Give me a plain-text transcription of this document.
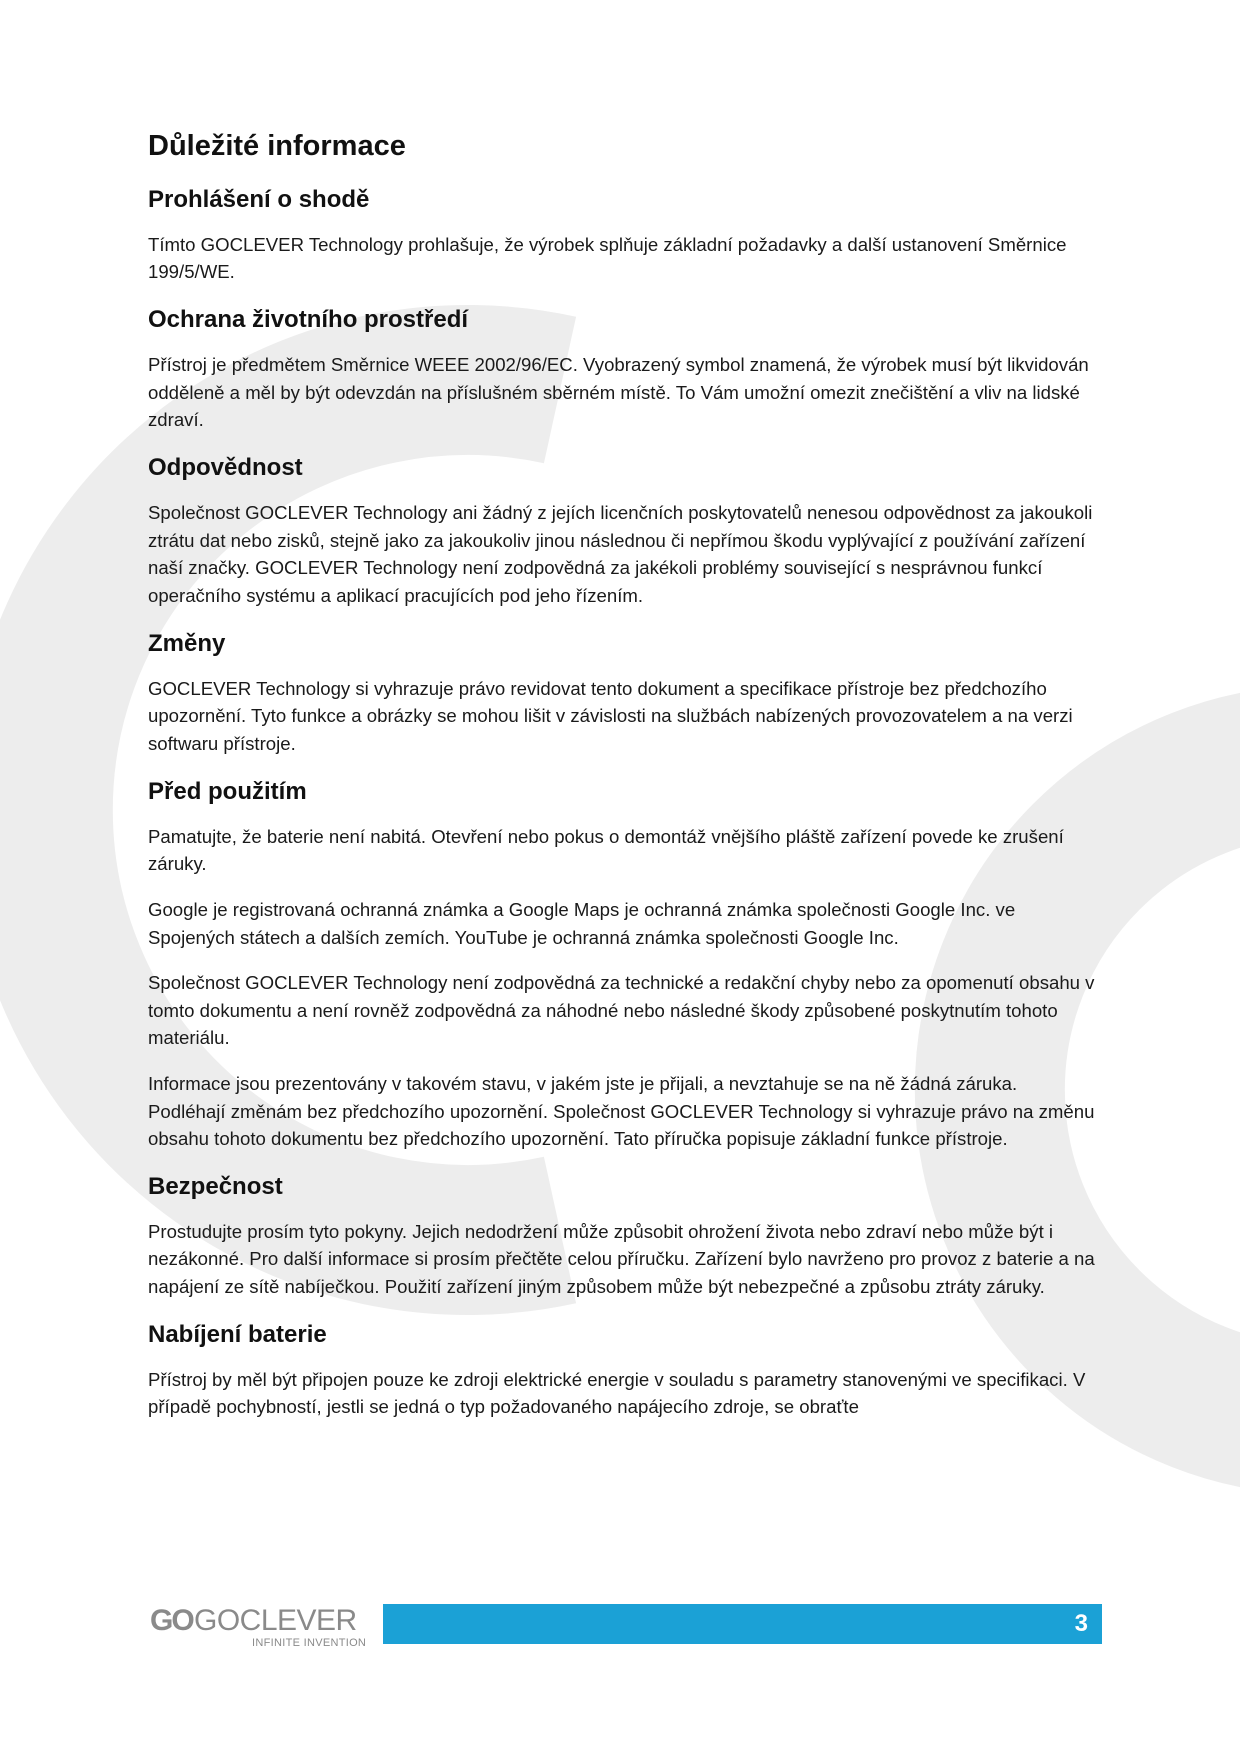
Důležité informace
Prohlášení o shodě

Tímto GOCLEVER Technology prohlašuje, že výrobek splňuje základní požadavky a další ustanovení Směrnice 199/5/WE.

Ochrana životního prostředí

Přístroj je předmětem Směrnice WEEE 2002/96/EC. Vyobrazený symbol znamená, že výrobek musí být likvidován odděleně a měl by být odevzdán na příslušném sběrném místě. To Vám umožní omezit znečištění a vliv na lidské zdraví.

Odpovědnost

Společnost GOCLEVER Technology ani žádný z jejích licenčních poskytovatelů nenesou odpovědnost za jakoukoli ztrátu dat nebo zisků, stejně jako za jakoukoliv jinou následnou či nepřímou škodu vyplývající z používání zařízení naší značky. GOCLEVER Technology není zodpovědná za jakékoli problémy související s nesprávnou funkcí operačního systému a aplikací pracujících pod jeho řízením.

Změny

GOCLEVER Technology si vyhrazuje právo revidovat tento dokument a specifikace přístroje bez předchozího upozornění. Tyto funkce a obrázky se mohou lišit v závislosti na službách nabízených provozovatelem a na verzi softwaru přístroje.

Před použitím

Pamatujte, že baterie není nabitá. Otevření nebo pokus o demontáž vnějšího pláště zařízení povede ke zrušení záruky.

Google je registrovaná ochranná známka a Google Maps je ochranná známka společnosti Google Inc. ve Spojených státech a dalších zemích. YouTube je ochranná známka společnosti Google Inc.

Společnost GOCLEVER Technology není zodpovědná za technické a redakční chyby nebo za opomenutí obsahu v tomto dokumentu a není rovněž zodpovědná za náhodné nebo následné škody způsobené poskytnutím tohoto materiálu.

Informace jsou prezentovány v takovém stavu, v jakém jste je přijali, a nevztahuje se na ně žádná záruka. Podléhají změnám bez předchozího upozornění. Společnost GOCLEVER Technology si vyhrazuje právo na změnu obsahu tohoto dokumentu bez předchozího upozornění. Tato příručka popisuje základní funkce přístroje.

Bezpečnost

Prostudujte prosím tyto pokyny. Jejich nedodržení může způsobit ohrožení života nebo zdraví nebo může být i nezákonné. Pro další informace si prosím přečtěte celou příručku. Zařízení bylo navrženo pro provoz z baterie a na napájení ze sítě nabíječkou. Použití zařízení jiným způsobem může být nebezpečné a způsobu ztráty záruky.

Nabíjení baterie

Přístroj by měl být připojen pouze ke zdroji elektrické energie v souladu s parametry stanovenými ve specifikaci. V případě pochybností, jestli se jedná o typ požadovaného napájecího zdroje, se obraťte

GO GOCLEVER
INFINITE INVENTION
3
